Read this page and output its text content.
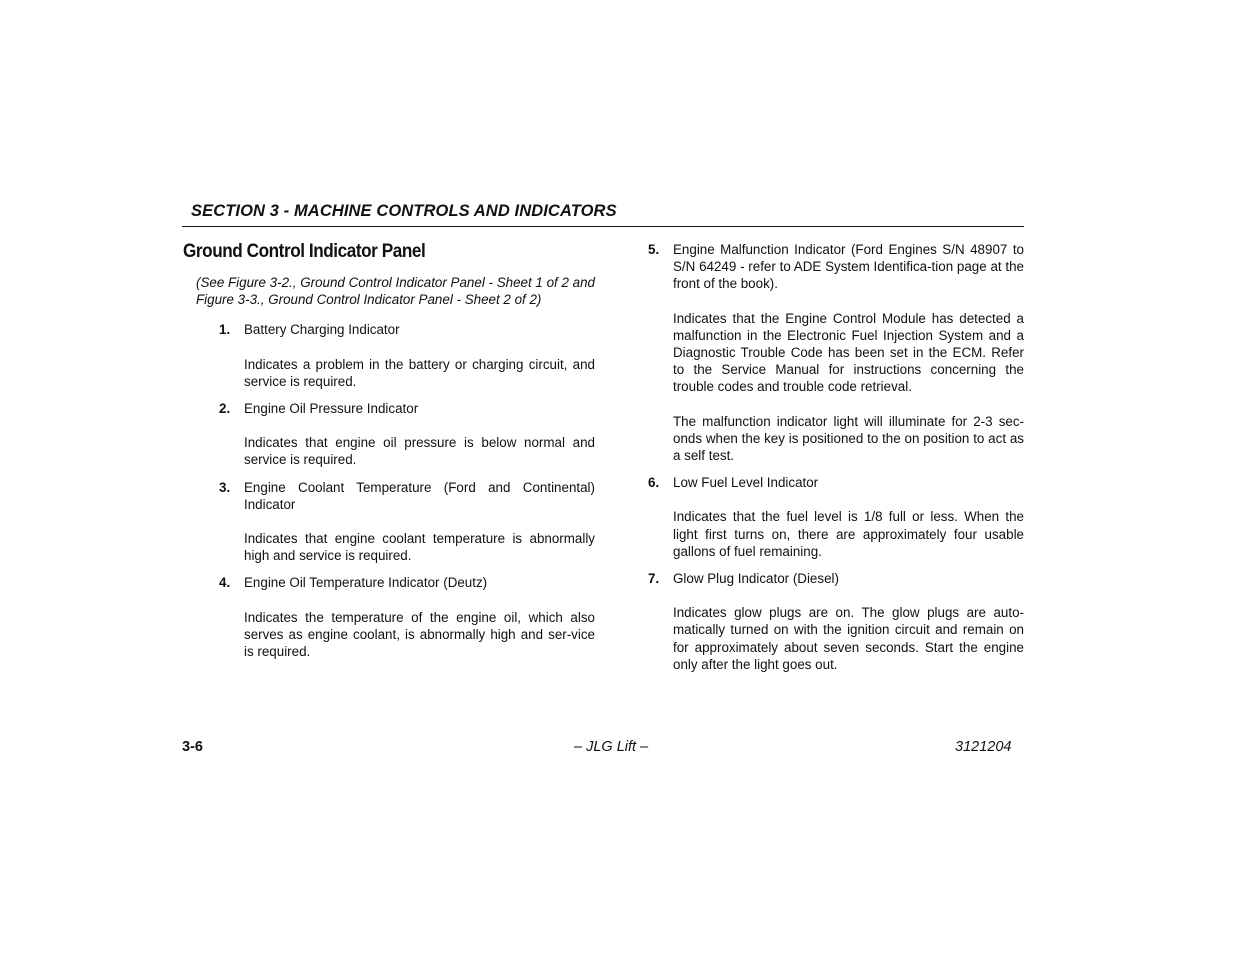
SECTION 3 - MACHINE CONTROLS AND INDICATORS
Ground Control Indicator Panel
(See Figure 3-2., Ground Control Indicator Panel - Sheet 1 of 2 and Figure 3-3., Ground Control Indicator Panel - Sheet 2 of 2)
1. Battery Charging Indicator
Indicates a problem in the battery or charging circuit, and service is required.
2. Engine Oil Pressure Indicator
Indicates that engine oil pressure is below normal and service is required.
3. Engine Coolant Temperature (Ford and Continental) Indicator
Indicates that engine coolant temperature is abnormally high and service is required.
4. Engine Oil Temperature Indicator (Deutz)
Indicates the temperature of the engine oil, which also serves as engine coolant, is abnormally high and ser-vice is required.
5. Engine Malfunction Indicator (Ford Engines S/N 48907 to S/N 64249 - refer to ADE System Identifica-tion page at the front of the book).
Indicates that the Engine Control Module has detected a malfunction in the Electronic Fuel Injection System and a Diagnostic Trouble Code has been set in the ECM. Refer to the Service Manual for instructions concerning the trouble codes and trouble code retrieval.
The malfunction indicator light will illuminate for 2-3 sec-onds when the key is positioned to the on position to act as a self test.
6. Low Fuel Level Indicator
Indicates that the fuel level is 1/8 full or less. When the light first turns on, there are approximately four usable gallons of fuel remaining.
7. Glow Plug Indicator (Diesel)
Indicates glow plugs are on. The glow plugs are auto-matically turned on with the ignition circuit and remain on for approximately about seven seconds. Start the engine only after the light goes out.
3-6	– JLG Lift –	3121204
